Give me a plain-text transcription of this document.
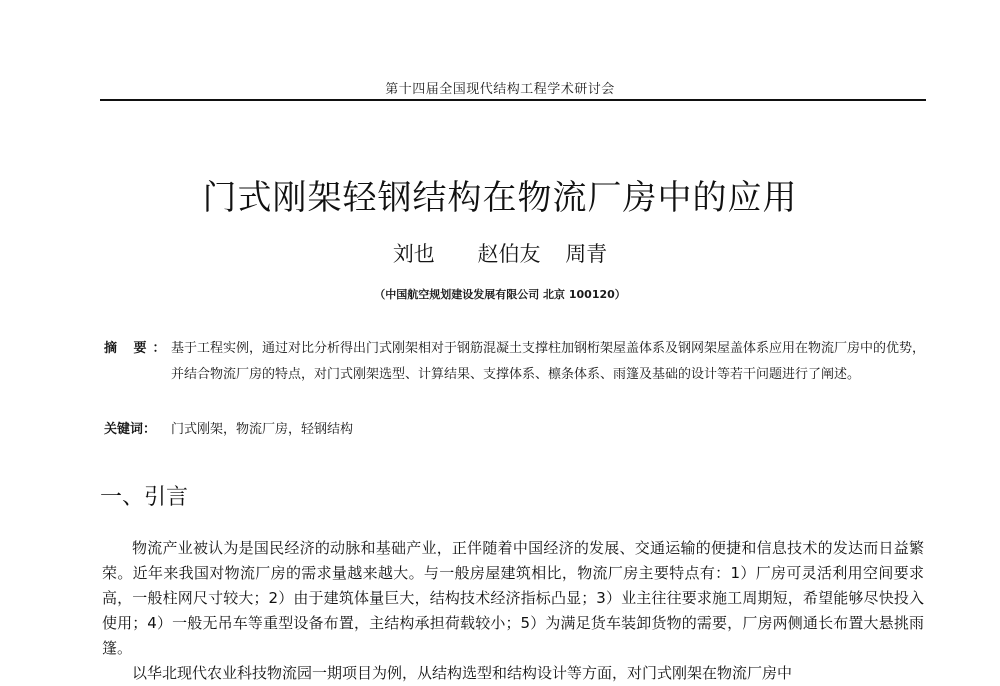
第十四届全国现代结构工程学术研讨会
门式刚架轻钢结构在物流厂房中的应用
刘也 赵伯友 周青
（中国航空规划建设发展有限公司 北京 100120）
摘 要： 基于工程实例，通过对比分析得出门式刚架相对于钢筋混凝土支撑柱加钢桁架屋盖体系及钢网架屋盖体系应用在物流厂房中的优势，并结合物流厂房的特点，对门式刚架选型、计算结果、支撑体系、檩条体系、雨篷及基础的设计等若干问题进行了阐述。
关键词： 门式刚架，物流厂房，轻钢结构
一、引言

物流产业被认为是国民经济的动脉和基础产业，正伴随着中国经济的发展、交通运输的便捷和信息技术的发达而日益繁荣。近年来我国对物流厂房的需求量越来越大。与一般房屋建筑相比，物流厂房主要特点有：1）厂房可灵活利用空间要求高，一般柱网尺寸较大；2）由于建筑体量巨大，结构技术经济指标凸显；3）业主往往要求施工周期短，希望能够尽快投入使用；4）一般无吊车等重型设备布置，主结构承担荷载较小；5）为满足货车装卸货物的需要，厂房两侧通长布置大悬挑雨篷。

以华北现代农业科技物流园一期项目为例，从结构选型和结构设计等方面，对门式刚架在物流厂房中
